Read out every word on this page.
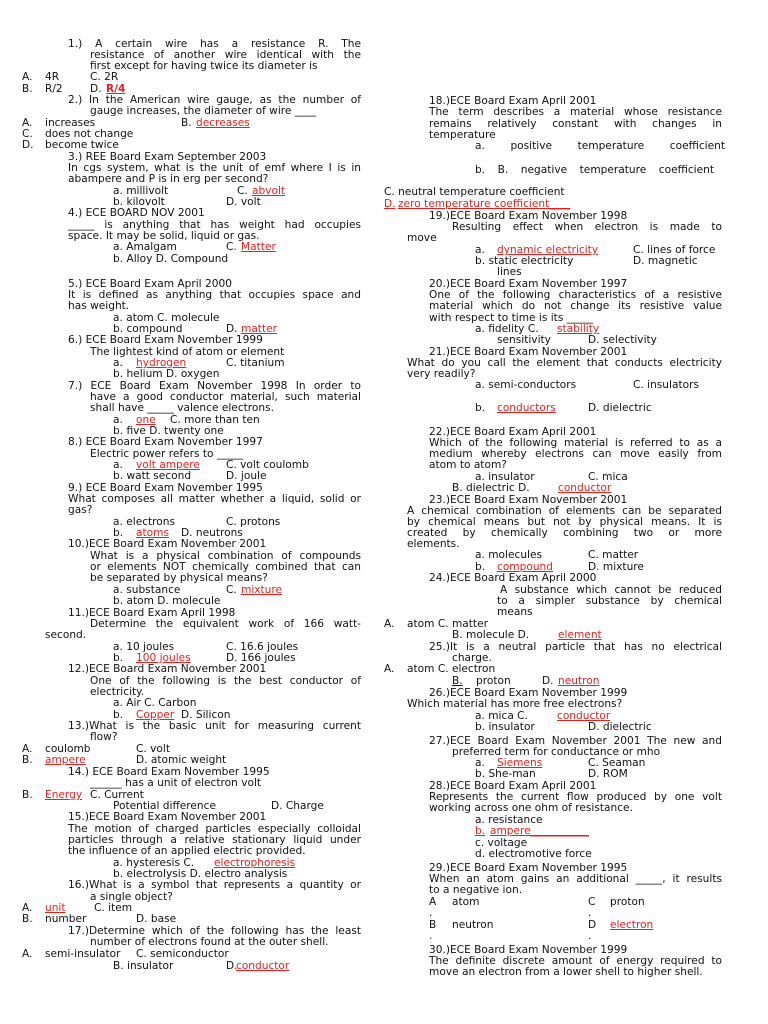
1.) A certain wire has a resistance R. The
resistance of another wire identical with the
first except for having twice its diameter is
A. 4R	C. 2R
B. R/2	D. R/4
2.) In the American wire gauge, as the number of
gauge increases, the diameter of wire ____
A. increases	B. decreases
C. does not change
D. become twice
3.) REE Board Exam September 2003
In cgs system, what is the unit of emf where I is in
abampere and P is in erg per second?
a. millivolt	C. abvolt
b. kilovolt	D. volt
4.) ECE BOARD NOV 2001
_____ is anything that has weight had occupies
space. It may be solid, liquid or gas.
a. Amalgam	C. Matter
b. Alloy D. Compound
5.) ECE Board Exam April 2000
It is defined as anything that occupies space and
has weight.
a. atom C. molecule
b. compound	D. matter
6.) ECE Board Exam November 1999
The lightest kind of atom or element
a. hydrogen	C. titanium
b. helium D. oxygen
7.) ECE Board Exam November 1998 In order to
have a good conductor material, such material
shall have _____ valence electrons.
a. one C. more than ten
b. five D. twenty one
8.) ECE Board Exam November 1997
Electric power refers to _____
a. volt ampere C. volt coulomb
b. watt second	D. joule
9.) ECE Board Exam November 1995
What composes all matter whether a liquid, solid or
gas?
a. electrons	C. protons
b. atoms D. neutrons
10.)ECE Board Exam November 2001
What is a physical combination of compounds
or elements NOT chemically combined that can
be separated by physical means?
a. substance	C. mixture
b. atom D. molecule
11.)ECE Board Exam April 1998
Determine the equivalent work of 166 watt-
second.
a. 10 joules	C. 16.6 joules
b. 100 joules	D. 166 joules
12.)ECE Board Exam November 2001
One of the following is the best conductor of
electricity.
a. Air C. Carbon
b. Copper D. Silicon
13.)What is the basic unit for measuring current
flow?
A. coulomb	C. volt
B. ampere	D. atomic weight
14.) ECE Board Exam November 1995
______ has a unit of electron volt
B. Energy C. Current
Potential difference	D. Charge
15.)ECE Board Exam November 2001
The motion of charged particles especially colloidal
particles through a relative stationary liquid under
the influence of an applied electric provided.
a. hysteresis C. electrophoresis
b. electrolysis D. electro analysis
16.)What is a symbol that represents a quantity or
a single object?
A. unit	C. item
B. number	D. base
17.)Determine which of the following has the least
number of electrons found at the outer shell.
A. semi-insulator C. semiconductor
B. insulator	D.
conductor
18.)ECE Board Exam April 2001
The term describes a material whose resistance
remains relatively constant with changes in
temperature
a. positive temperature coefficient
b. B. negative temperature coefficient
C. neutral temperature coefficient
D. zero temperature coefficient____
19.)ECE Board Exam November 1998
Resulting effect when electron is made to
move
a. dynamic electricity	C. lines of force
b. static electricity	D. magnetic
lines
20.)ECE Board Exam November 1997
One of the following characteristics of a resistive
material which do not change its resistive value
with respect to time is its _____
a. fidelity C. stability
sensitivity	D. selectivity
21.)ECE Board Exam November 2001
What do you call the element that conducts electricity
very readily?
a. semi-conductors	C. insulators
b. conductors	D. dielectric
22.)ECE Board Exam April 2001
Which of the following material is referred to as a
medium whereby electrons can move easily from
atom to atom?
a. insulator	C. mica
B. dielectric D.	conductor
23.)ECE Board Exam November 2001
A chemical combination of elements can be separated
by chemical means but not by physical means. It is
created by chemically combining two or more
elements.
a. molecules	C. matter
b. compound	D. mixture
24.)ECE Board Exam April 2000
A substance which cannot be reduced
to a simpler substance by chemical
means
A. atom C. matter
B. molecule D.	element
25.)It is a neutral particle that has no electrical
charge.
A. atom C. electron
B. proton	D. neutron
26.)ECE Board Exam November 1999
Which material has more free electrons?
a. mica C.	conductor
b. insulator	D. dielectric
27.)ECE Board Exam November 2001 The new and
preferred term for conductance or mho
a. Siemens	C. Seaman
b. She-man	D. ROM
28.)ECE Board Exam April 2001
Represents the current flow produced by one volt
working across one ohm of resistance.
a. resistance
b. ampere___________
c. voltage
d. electromotive force
29.)ECE Board Exam November 1995
When an atom gains an additional _____, it results
to a negative ion.
A atom	C proton
.	.
B neutron	D electron
.	.
30.)ECE Board Exam November 1999
The definite discrete amount of energy required to
move an electron from a lower shell to higher shell.
